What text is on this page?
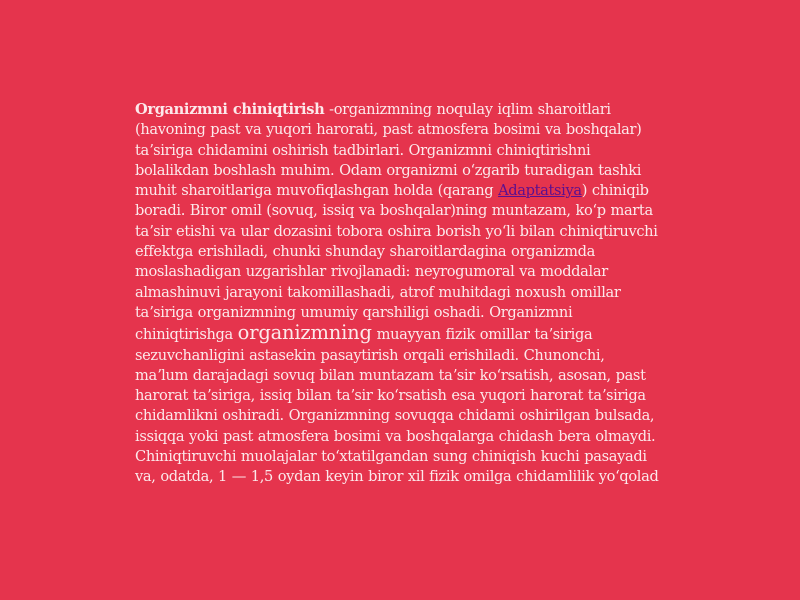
Organizmni chiniqtirish -organizmning noqulay iqlim sharoitlari (havoning past va yuqori harorati, past atmosfera bosimi va boshqalar) taʼsiriga chidamini oshirish tadbirlari. Organizmni chiniqtirishni bolalikdan boshlash muhim. Odam organizmi oʻzgarib turadigan tashki muhit sharoitlariga muvofiqlashgan holda (qarang Adaptatsiya) chiniqib boradi. Biror omil (sovuq, issiq va boshqalar)ning muntazam, koʻp marta taʼsir etishi va ular dozasini tobora oshira borish yoʻli bilan chiniqtiruvchi effektga erishiladi, chunki shunday sharoitlardagina organizmda moslashadigan uzgarishlar rivojlanadi: neyrogumoral va moddalar almashinuvi jarayoni takomillashadi, atrof muhitdagi noxush omillar taʼsiriga organizmning umumiy qarshiligi oshadi. Organizmni chiniqtirishga organizmning muayyan fizik omillar taʼsiriga sezuvchanligini astasekin pasaytirish orqali erishiladi. Chunonchi, maʼlum darajadagi sovuq bilan muntazam taʼsir koʻrsatish, asosan, past harorat taʼsiriga, issiq bilan taʼsir koʻrsatish esa yuqori harorat taʼsiriga chidamlikni oshiradi. Organizmning sovuqqa chidami oshirilgan bulsada, issiqqa yoki past atmosfera bosimi va boshqalarga chidash bera olmaydi. Chiniqtiruvchi muolajalar toʻxtatilgandan sung chiniqish kuchi pasayadi va, odatda, 1 — 1,5 oydan keyin biror xil fizik omilga chidamlilik yoʻqolad
